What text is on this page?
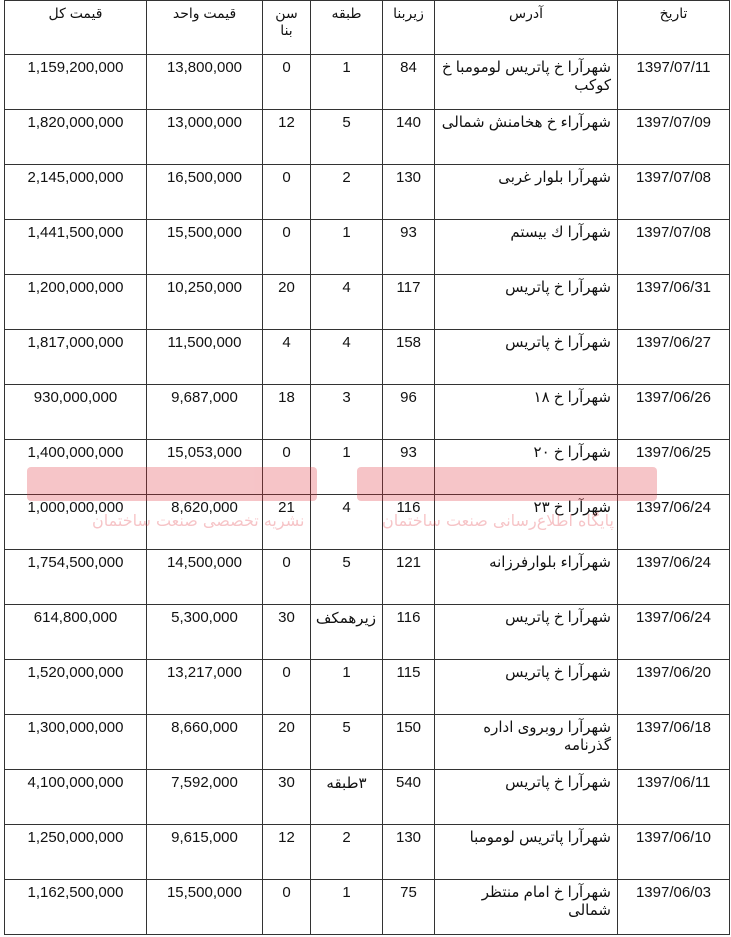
تاریخ	آدرس	زیربنا	طبقه	سن بنا	قیمت واحد	قیمت کل
1397/07/11	شهرآرا خ پاتریس لومومبا خ کوکب	84	1	0	13,800,000	1,159,200,000
1397/07/09	شهرآراء خ هخامنش شمالی	140	5	12	13,000,000	1,820,000,000
1397/07/08	شهرآرا بلوار غربی	130	2	0	16,500,000	2,145,000,000
1397/07/08	شهرآرا ك بیستم	93	1	0	15,500,000	1,441,500,000
1397/06/31	شهرآرا خ پاتریس	117	4	20	10,250,000	1,200,000,000
1397/06/27	شهرآرا خ پاتریس	158	4	4	11,500,000	1,817,000,000
1397/06/26	شهرآرا خ ۱۸	96	3	18	9,687,000	930,000,000
1397/06/25	شهرآرا خ ۲۰	93	1	0	15,053,000	1,400,000,000
1397/06/24	شهرآرا خ ۲۳	116	4	21	8,620,000	1,000,000,000
1397/06/24	شهرآراء بلوارفرزانه	121	5	0	14,500,000	1,754,500,000
1397/06/24	شهرآرا خ پاتریس	116	زیرهمکف	30	5,300,000	614,800,000
1397/06/20	شهرآرا خ پاتریس	115	1	0	13,217,000	1,520,000,000
1397/06/18	شهرآرا روبروی اداره گذرنامه	150	5	20	8,660,000	1,300,000,000
1397/06/11	شهرآرا خ پاتریس	540	۳طبقه	30	7,592,000	4,100,000,000
1397/06/10	شهرآرا پاتریس لومومبا	130	2	12	9,615,000	1,250,000,000
1397/06/03	شهرآرا خ امام منتظر شمالی	75	1	0	15,500,000	1,162,500,000
پایگاه اطلاع‌رسانی صنعت ساختمان
نشریه تخصصی صنعت ساختمان
